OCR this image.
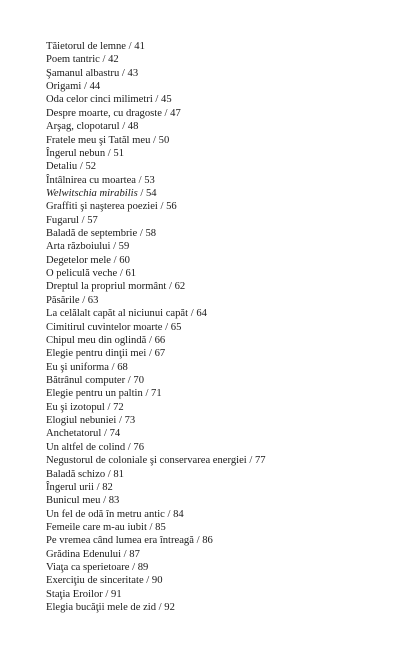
Tăietorul de lemne / 41
Poem tantric / 42
Şamanul albastru / 43
Origami / 44
Oda celor cinci milimetri / 45
Despre moarte, cu dragoste / 47
Arşag, clopotarul / 48
Fratele meu şi Tatăl meu / 50
Îngerul nebun / 51
Detaliu / 52
Întâlnirea cu moartea / 53
Welwitschia mirabilis / 54
Graffiti şi naşterea poeziei / 56
Fugarul / 57
Baladă de septembrie / 58
Arta războiului / 59
Degetelor mele / 60
O peliculă veche / 61
Dreptul la propriul mormânt / 62
Păsările / 63
La celălalt capăt al niciunui capăt / 64
Cimitirul cuvintelor moarte / 65
Chipul meu din oglindă / 66
Elegie pentru dinţii mei / 67
Eu şi uniforma / 68
Bătrânul computer / 70
Elegie pentru un paltin / 71
Eu şi izotopul / 72
Elogiul nebuniei / 73
Anchetatorul / 74
Un altfel de colind / 76
Negustorul de coloniale şi conservarea energiei / 77
Baladă schizo / 81
Îngerul urii / 82
Bunicul meu / 83
Un fel de odă în metru antic / 84
Femeile care m-au iubit / 85
Pe vremea când lumea era întreagă / 86
Grădina Edenului / 87
Viaţa ca sperietoare / 89
Exerciţiu de sinceritate / 90
Staţia Eroilor / 91
Elegia bucăţii mele de zid / 92
